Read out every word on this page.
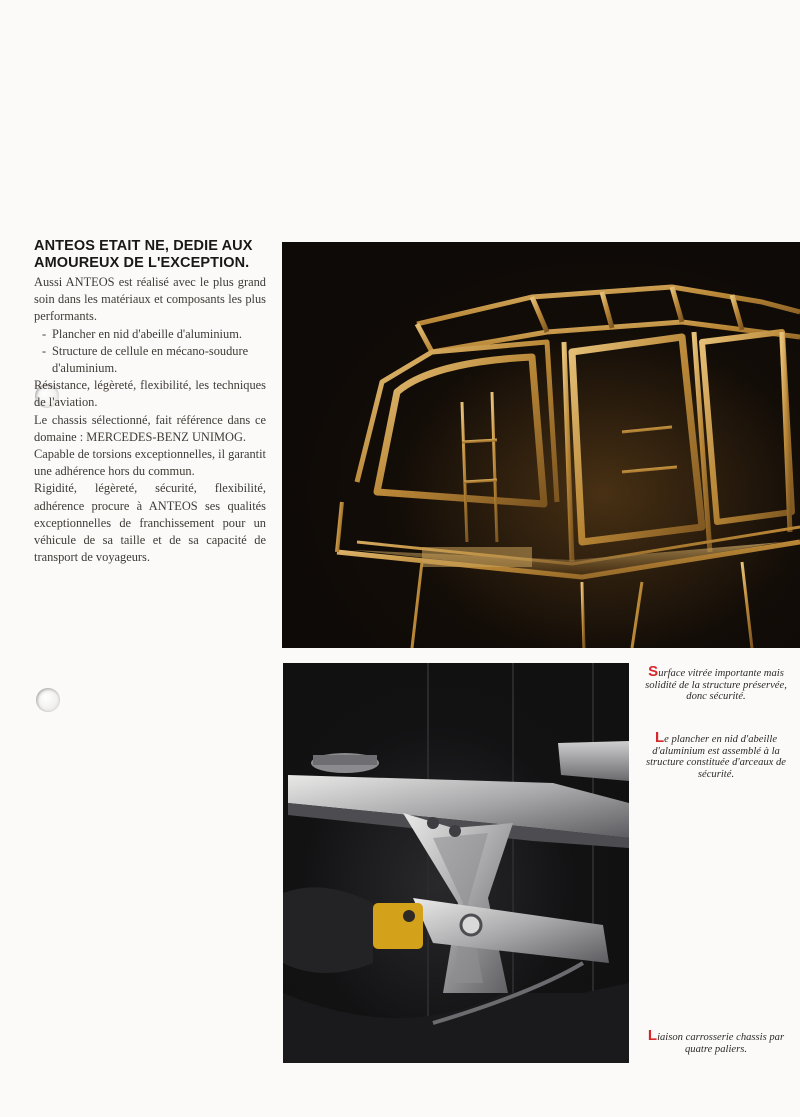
ANTEOS ETAIT NE, DEDIE AUX
AMOUREUX DE L'EXCEPTION.

Aussi ANTEOS est réalisé avec le plus grand soin dans les matériaux et composants les plus performants.

- Plancher en nid d'abeille d'aluminium.

- Structure de cellule en mécano-soudure

d'aluminium.

Résistance, légèreté, flexibilité, les techniques de l'aviation.

Le chassis sélectionné, fait référence dans ce domaine : MERCEDES-BENZ UNIMOG.

Capable de torsions exceptionnelles, il garantit une adhérence hors du commun.

Rigidité, légèreté, sécurité, flexibilité, adhérence procure à ANTEOS ses qualités exceptionnelles de franchissement pour un véhicule de sa taille et de sa capacité de transport de voyageurs.

Surface vitrée importante mais solidité de la structure préservée, donc sécurité.
Le plancher en nid d'abeille d'aluminium est assemblé à la structure constituée d'arceaux de sécurité.
Liaison carrosserie chassis par quatre paliers.
